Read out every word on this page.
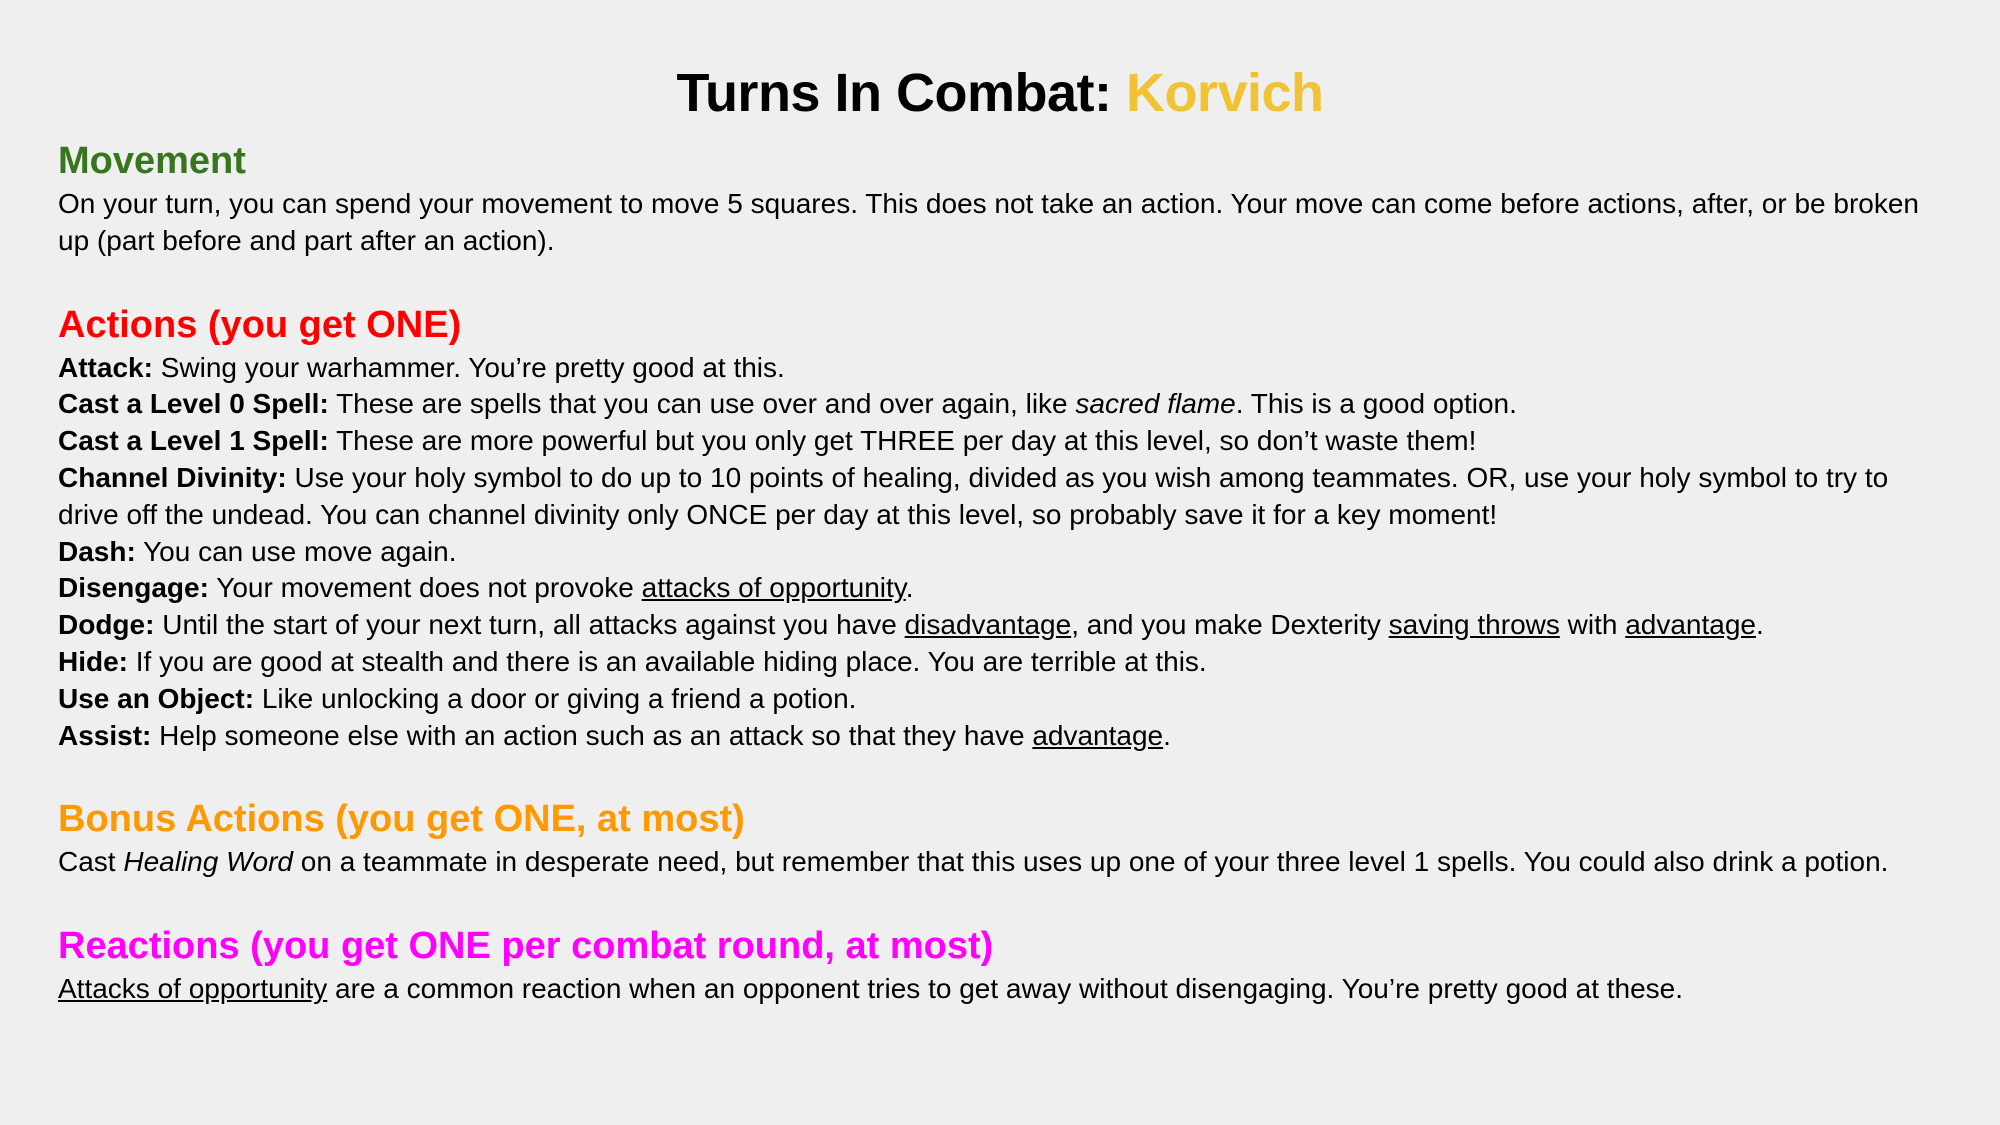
Turns In Combat: Korvich
Movement

On your turn, you can spend your movement to move 5 squares. This does not take an action. Your move can come before actions, after, or be broken up (part before and part after an action).

Actions (you get ONE)

Attack: Swing your warhammer. You’re pretty good at this.

Cast a Level 0 Spell: These are spells that you can use over and over again, like sacred flame. This is a good option.

Cast a Level 1 Spell: These are more powerful but you only get THREE per day at this level, so don’t waste them!

Channel Divinity: Use your holy symbol to do up to 10 points of healing, divided as you wish among teammates. OR, use your holy symbol to try to drive off the undead. You can channel divinity only ONCE per day at this level, so probably save it for a key moment!

Dash: You can use move again.

Disengage: Your movement does not provoke attacks of opportunity.

Dodge: Until the start of your next turn, all attacks against you have disadvantage, and you make Dexterity saving throws with advantage.

Hide: If you are good at stealth and there is an available hiding place. You are terrible at this.

Use an Object: Like unlocking a door or giving a friend a potion.

Assist: Help someone else with an action such as an attack so that they have advantage.

Bonus Actions (you get ONE, at most)

Cast Healing Word on a teammate in desperate need, but remember that this uses up one of your three level 1 spells. You could also drink a potion.

Reactions (you get ONE per combat round, at most)

Attacks of opportunity are a common reaction when an opponent tries to get away without disengaging. You’re pretty good at these.
